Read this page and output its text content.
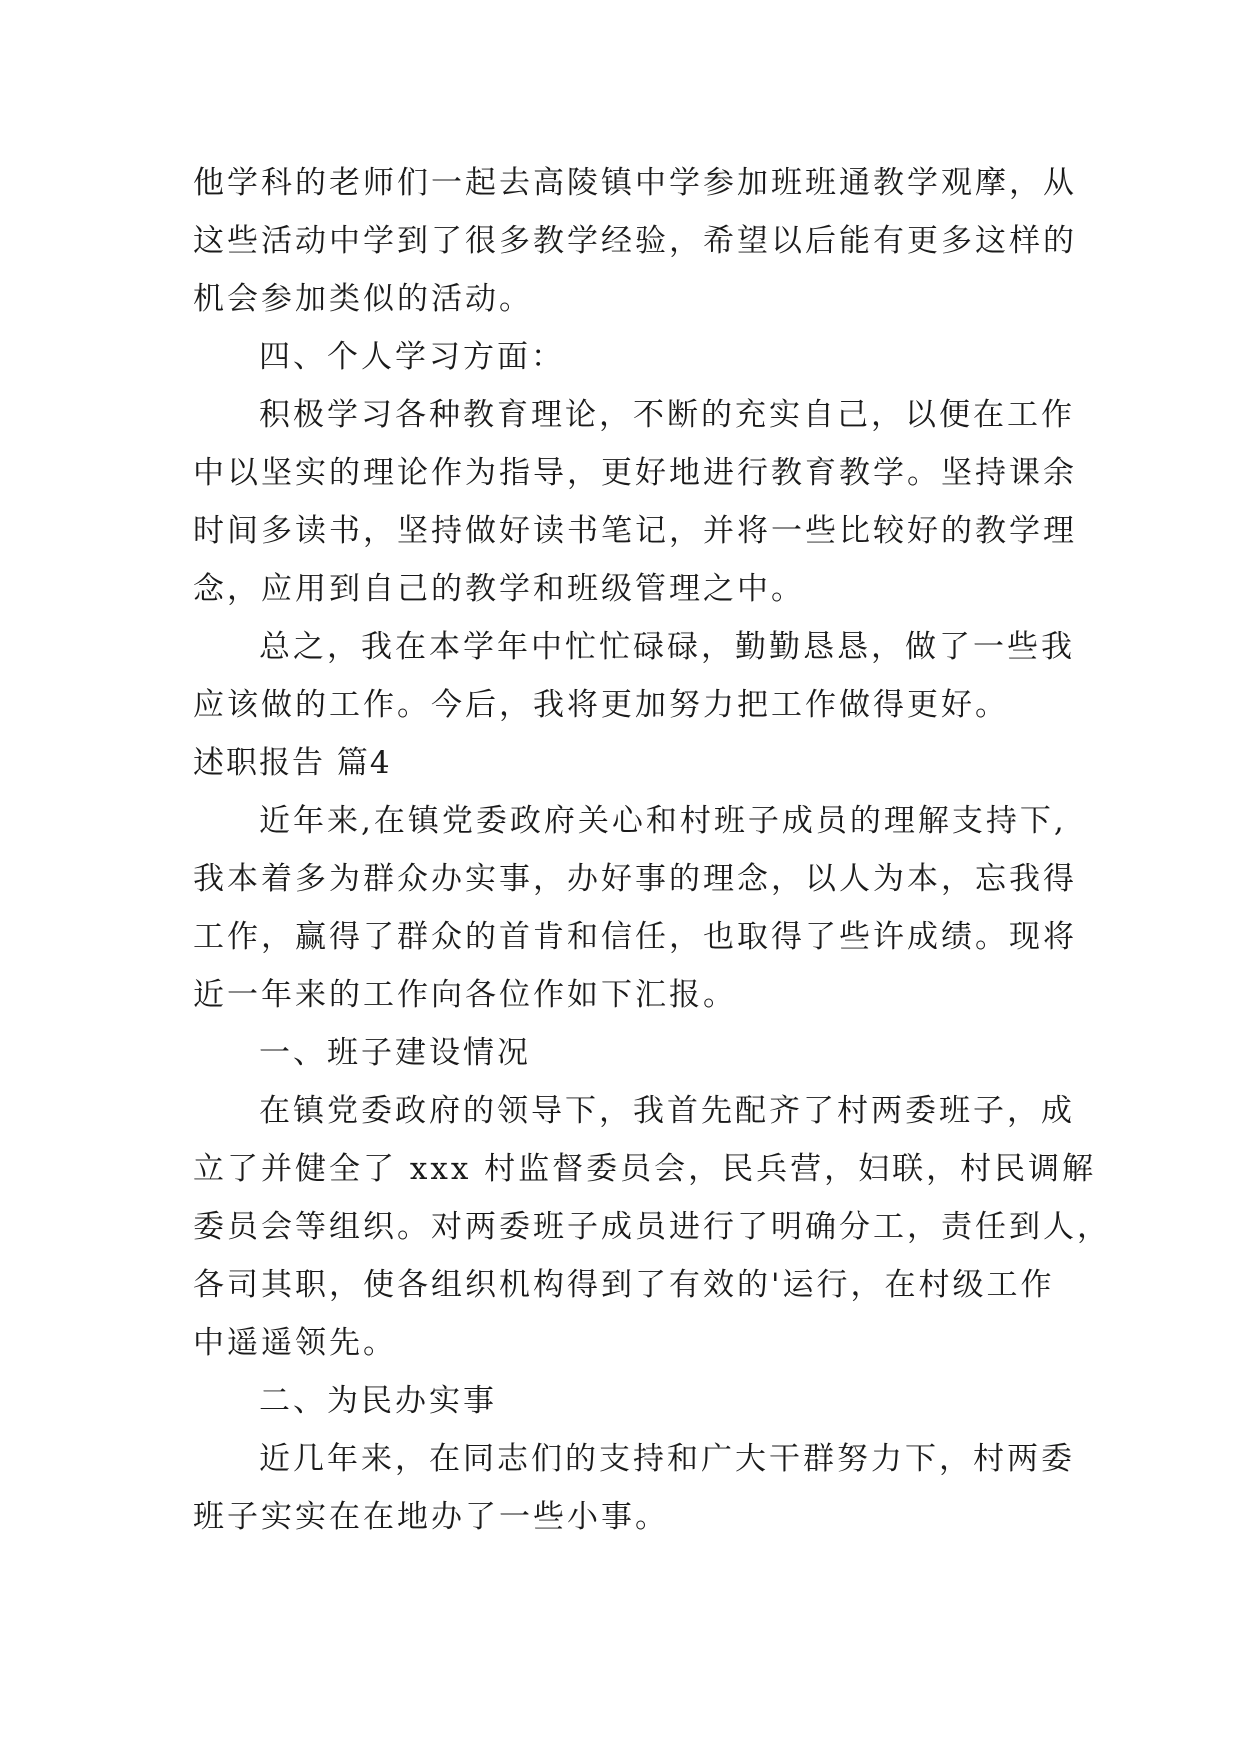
他学科的老师们一起去高陵镇中学参加班班通教学观摩，从
这些活动中学到了很多教学经验，希望以后能有更多这样的
机会参加类似的活动。
四、个人学习方面：
积极学习各种教育理论，不断的充实自己，以便在工作
中以坚实的理论作为指导，更好地进行教育教学。坚持课余
时间多读书，坚持做好读书笔记，并将一些比较好的教学理
念，应用到自己的教学和班级管理之中。
总之，我在本学年中忙忙碌碌，勤勤恳恳，做了一些我
应该做的工作。今后，我将更加努力把工作做得更好。
述职报告 篇4
近年来,在镇党委政府关心和村班子成员的理解支持下,
我本着多为群众办实事，办好事的理念，以人为本，忘我得
工作，赢得了群众的首肯和信任，也取得了些许成绩。现将
近一年来的工作向各位作如下汇报。
一、班子建设情况
在镇党委政府的领导下，我首先配齐了村两委班子，成
立了并健全了 xxx 村监督委员会，民兵营，妇联，村民调解
委员会等组织。对两委班子成员进行了明确分工，责任到人，
各司其职，使各组织机构得到了有效的'运行，在村级工作
中遥遥领先。
二、为民办实事
近几年来，在同志们的支持和广大干群努力下，村两委
班子实实在在地办了一些小事。
